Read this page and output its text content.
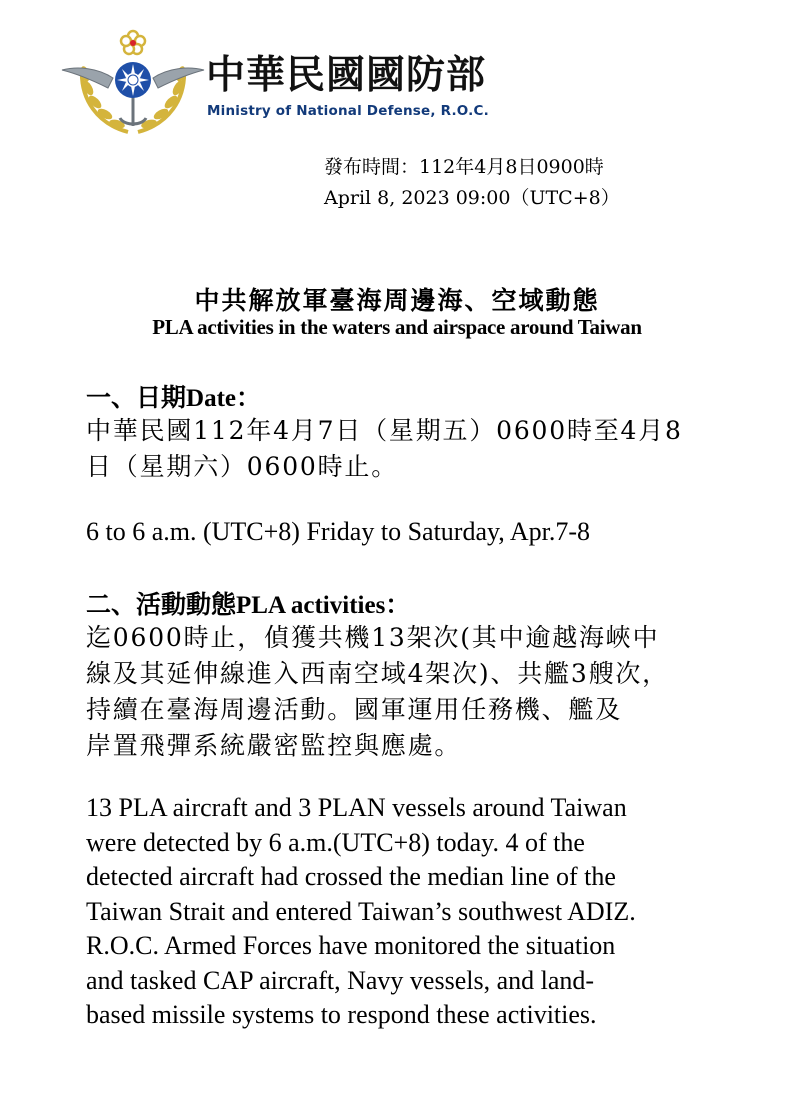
中華民國國防部
Ministry of National Defense, R.O.C.
發布時間：112年4月8日0900時
April 8, 2023 09:00（UTC+8）
中共解放軍臺海周邊海、空域動態
PLA activities in the waters and airspace around Taiwan
一、日期Date：
中華民國112年4月7日（星期五）0600時至4月8
日（星期六）0600時止。
6 to 6 a.m. (UTC+8) Friday to Saturday, Apr.7-8
二、活動動態PLA activities：
迄0600時止，偵獲共機13架次(其中逾越海峽中
線及其延伸線進入西南空域4架次)、共艦3艘次，
持續在臺海周邊活動。國軍運用任務機、艦及
岸置飛彈系統嚴密監控與應處。
13 PLA aircraft and 3 PLAN vessels around Taiwan
were detected by 6 a.m.(UTC+8) today. 4 of the
detected aircraft had crossed the median line of the
Taiwan Strait and entered Taiwan’s southwest ADIZ.
R.O.C. Armed Forces have monitored the situation
and tasked CAP aircraft, Navy vessels, and land-
based missile systems to respond these activities.
